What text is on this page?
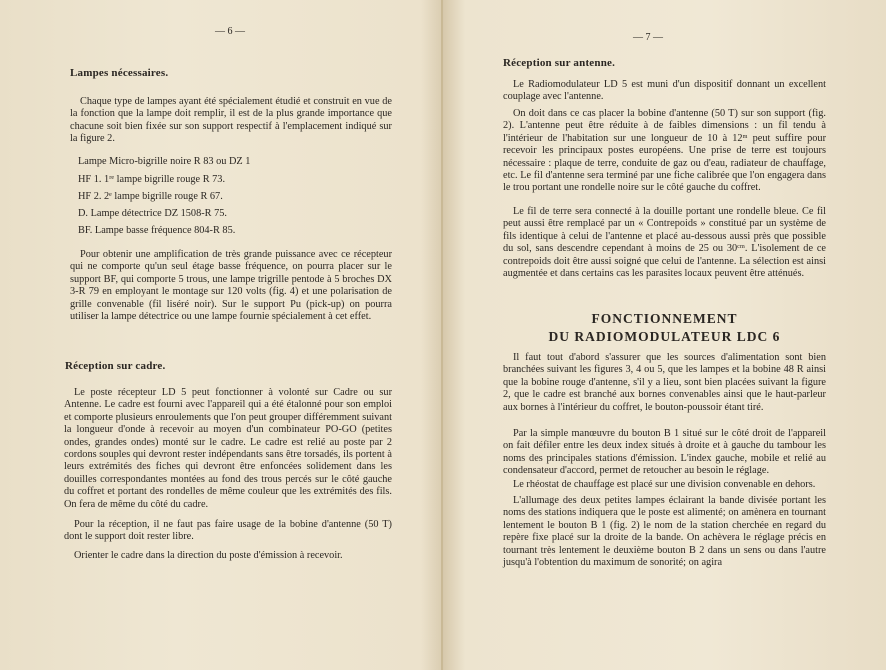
— 6 —
Lampes nécessaires.

Chaque type de lampes ayant été spécialement étudié et construit en vue de la fonction que la lampe doit remplir, il est de la plus grande importance que chacune soit bien fixée sur son support respectif à l'emplacement indiqué sur la figure 2.

Lampe Micro-bigrille noire R 83 ou DZ 1

HF 1. 1ʳᵉ lampe bigrille rouge R 73.

HF 2. 2ᵉ lampe bigrille rouge R 67.

D. Lampe détectrice DZ 1508-R 75.

BF. Lampe basse fréquence 804-R 85.

Pour obtenir une amplification de très grande puissance avec ce récepteur qui ne comporte qu'un seul étage basse fréquence, on pourra placer sur le support BF, qui comporte 5 trous, une lampe trigrille pentode à 5 broches DX 3-R 79 en employant le montage sur 120 volts (fig. 4) et une polarisation de grille convenable (fil liséré noir). Sur le support Pu (pick-up) on pourra utiliser la lampe détectrice ou une lampe fournie spécialement à cet effet.

Réception sur cadre.

Le poste récepteur LD 5 peut fonctionner à volonté sur Cadre ou sur Antenne. Le cadre est fourni avec l'appareil qui a été étalonné pour son emploi et comporte plusieurs enroulements que l'on peut grouper différemment suivant la longueur d'onde à recevoir au moyen d'un combinateur PO-GO (petites ondes, grandes ondes) monté sur le cadre. Le cadre est relié au poste par 2 cordons souples qui devront rester indépendants sans être torsadés, ils portent à leurs extrémités des fiches qui devront être enfoncées solidement dans les douilles correspondantes montées au fond des trous percés sur le côté gauche du coffret et portant des rondelles de même couleur que les extrémités des fils. On fera de même du côté du cadre.

Pour la réception, il ne faut pas faire usage de la bobine d'antenne (50 T) dont le support doit rester libre.

Orienter le cadre dans la direction du poste d'émission à recevoir.

— 7 —
Réception sur antenne.

Le Radiomodulateur LD 5 est muni d'un dispositif donnant un excellent couplage avec l'antenne.

On doit dans ce cas placer la bobine d'antenne (50 T) sur son support (fig. 2). L'antenne peut être réduite à de faibles dimensions : un fil tendu à l'intérieur de l'habitation sur une longueur de 10 à 12ᵐ peut suffire pour recevoir les principaux postes européens. Une prise de terre est toujours nécessaire : plaque de terre, conduite de gaz ou d'eau, radiateur de chauffage, etc. Le fil d'antenne sera terminé par une fiche calibrée que l'on engagera dans le trou portant une rondelle noire sur le côté gauche du coffret.

Le fil de terre sera connecté à la douille portant une rondelle bleue. Ce fil peut aussi être remplacé par un « Contrepoids » constitué par un système de fils identique à celui de l'antenne et placé au-dessous aussi près que possible du sol, sans descendre cependant à moins de 25 ou 30ᶜᵐ. L'isolement de ce contrepoids doit être aussi soigné que celui de l'antenne. La sélection est ainsi augmentée et dans certains cas les parasites locaux peuvent être atténués.

FONCTIONNEMENT

DU RADIOMODULATEUR LDC 6

Il faut tout d'abord s'assurer que les sources d'alimentation sont bien branchées suivant les figures 3, 4 ou 5, que les lampes et la bobine 48 R ainsi que la bobine rouge d'antenne, s'il y a lieu, sont bien placées suivant la figure 2, que le cadre est branché aux bornes convenables ainsi que le haut-parleur aux bornes à l'intérieur du coffret, le bouton-poussoir étant tiré.

Par la simple manœuvre du bouton B 1 situé sur le côté droit de l'appareil on fait défiler entre les deux index situés à droite et à gauche du tambour les noms des principales stations d'émission. L'index gauche, mobile et relié au condensateur d'accord, permet de retoucher au besoin le réglage.

Le rhéostat de chauffage est placé sur une division convenable en dehors.

L'allumage des deux petites lampes éclairant la bande divisée portant les noms des stations indiquera que le poste est alimenté; on amènera en tournant lentement le bouton B 1 (fig. 2) le nom de la station cherchée en regard du repère fixe placé sur la droite de la bande. On achèvera le réglage précis en tournant très lentement le deuxième bouton B 2 dans un sens ou dans l'autre jusqu'à l'obtention du maximum de sonorité; on agira
